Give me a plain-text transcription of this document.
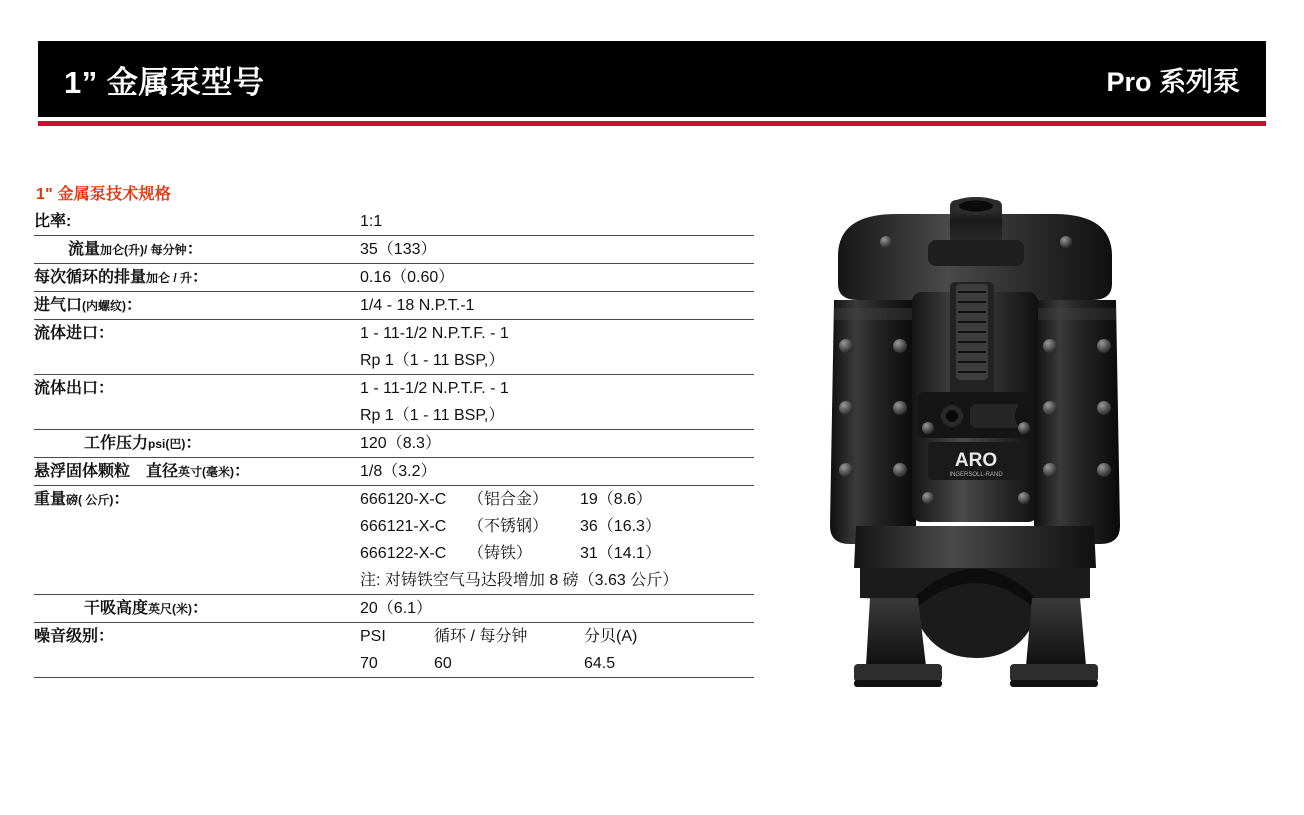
1” 金属泵型号	Pro 系列泵
1" 金属泵技术规格
比率:	1:1
流量加仑(升)/ 每分钟：	35（133）
每次循环的排量加仑 / 升：	0.16（0.60）
进气口(内螺纹)：	1/4 - 18 N.P.T.-1
流体进口：	1 - 11-1/2 N.P.T.F. - 1
	Rp 1（1 - 11 BSP,）
流体出口：	1 - 11-1/2 N.P.T.F. - 1
	Rp 1（1 - 11 BSP,）
工作压力psi(巴)：	120（8.3）
悬浮固体颗粒 直径英寸(毫米)：	1/8（3.2）
重量磅( 公斤)：	666120-X-C （铝合金） 19（8.6）
	666121-X-C （不锈钢） 36（16.3）
	666122-X-C （铸铁） 31（14.1）
	注: 对铸铁空气马达段增加 8 磅（3.63 公斤）
干吸高度英尺(米)：	20（6.1）
噪音级别：	PSI 循环 / 每分钟 分贝(A)
	70 60 64.5
ARO
INGERSOLL-RAND
